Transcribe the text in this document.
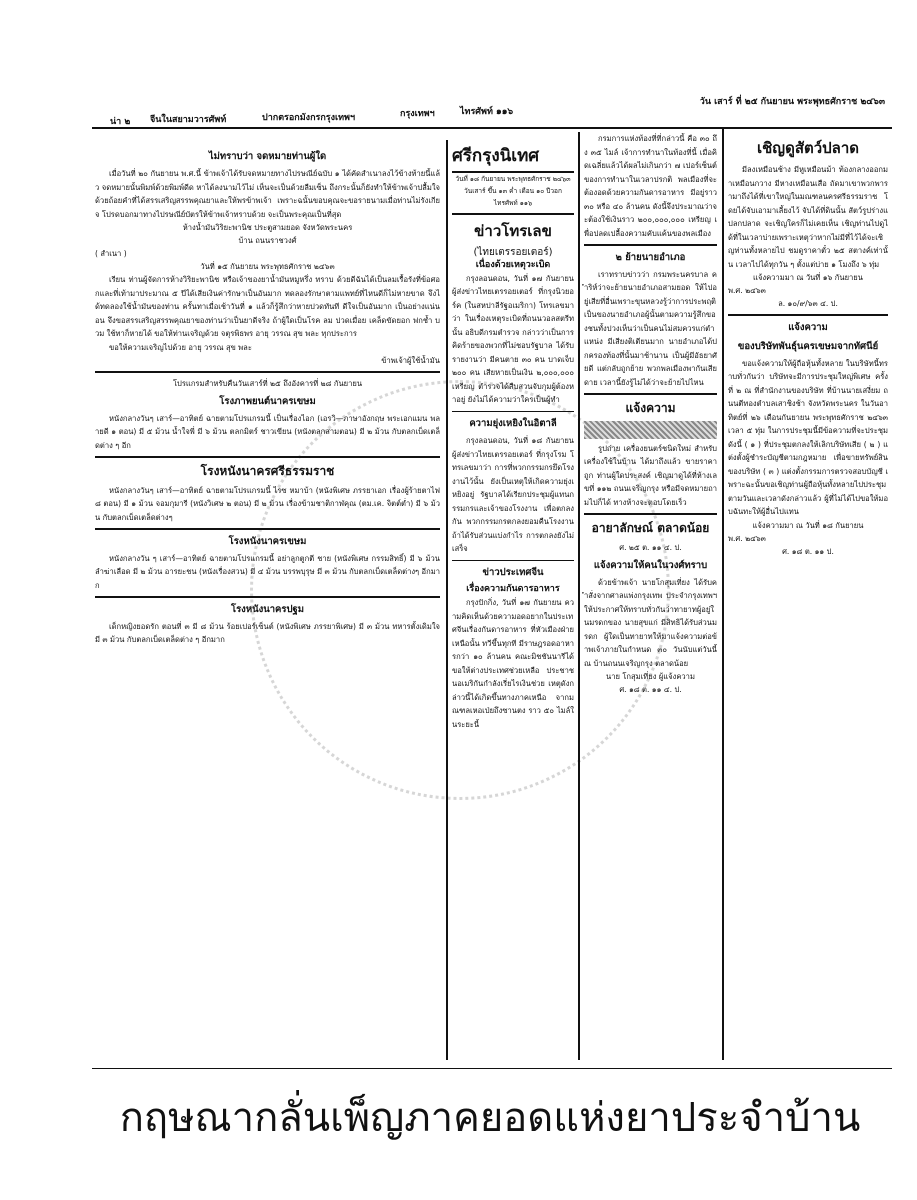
น่า ๒ จีนในสยามวารศัพท์	ปากตรอกมังกรกรุงเทพฯ	กรุงเทพฯ	ไทรศัพท์ ๑๑๖
วัน เสาร์ ที่ ๒๕ กันยายน พระพุทธศักราช ๒๔๖๓
ไม่ทราบว่า จดหมายท่านผู้ใด

เมื่อวันที่ ๒๐ กันยายน พ.ศ.นี้ ข้าพเจ้าได้รับจดหมายทางไปรษณีย์ฉบับ ๑ ได้คัดสำเนาลงไว้ข้างท้ายนี้แล้ว จดหมายนั้นพิมพ์ด้วยพิมพ์ดีด หาได้ลงนามไว้ไม่ เห็นจะเป็นด้วยลืมเซ็น ถึงกระนั้นก็ยังทำให้ข้าพเจ้าปลื้มใจด้วยถ้อยคำที่ได้สรรเสริญสรรพคุณยาและให้พรข้าพเจ้า เพราะฉนั้นขอบคุณจะขอรายนามเมื่อท่านไม่รังเกียจ โปรดบอกมาทางไปรษณีย์บัตรให้ข้าพเจ้าทราบด้วย จะเป็นพระคุณเป็นที่สุด

ห้างน้ำมันวิริยะพานิช ประตูสามยอด จังหวัดพระนคร

บ้าน ถนนราชวงศ์

( สำเนา )

วันที่ ๑๕ กันยายน พระพุทธศักราช ๒๔๖๓

เรียน ท่านผู้จัดการห้างวิริยะพานิช หรือเจ้าของยาน้ำมันหมูหรึ่ง ทราบ ด้วยดีฉันได้เป็นลมเรื้อรังที่ข้อศอกและที่เท้ามาประมาณ ๕ ปีได้เสียเงินค่ารักษาเป็นอันมาก ทดลองรักษาตามแพทย์ที่ไหนดีก็ไม่หายขาด จึงได้ทดลองใช้น้ำมันของท่าน ครั้นทาเมื่อเช้าวันที่ ๑ แล้วก็รู้สึกว่าหายปวดทันที ดีใจเป็นอันมาก เป็นอย่างแน่นอน จึงขอสรรเสริญสรรพคุณยาของท่านว่าเป็นยาดีจริง ถ้าผู้ใดเป็นโรค ลม ปวดเมื่อย เคล็ดขัดยอก ฟกช้ำ บวม ใช้ทาก็หายได้ ขอให้ท่านเจริญด้วย จตุรพิธพร อายุ วรรณ สุข พละ ทุกประการ

ขอให้ความเจริญไปด้วย อายุ วรรณ สุข พละ

ข้าพเจ้าผู้ใช้น้ำมัน

โปรแกรมสำหรับคืนวันเสาร์ที่ ๒๕ ถึงอังคารที่ ๒๘ กันยายน

โรงภาพยนต์นาครเขษม

หนังกลางวันๆ เสาร์—อาทิตย์ ฉายตามโปรแกรมนี้ เป็นเรื่องไอก (เอรวิ—ภาษาอังกฤษ พระเอกแมน พลายดี ๑ ตอน) มี ๕ ม้วน น้ำใจพี่ มี ๖ ม้วน ตลกมิตร์ ชาวเขียน (หนังตลกสามตอน) มี ๒ ม้วน กับตลกเบ็ดเตล็ดต่าง ๆ อีก

โรงหนังนาครศรีธรรมราช

หนังกลางวันๆ เสาร์—อาทิตย์ ฉายตามโปรแกรมนี้ ไรซ หมาบ้า (หนังพิเศษ ภรรยาเอก เรื่องผู้ร้ายตาไฟ ๘ ตอน) มี ๑ ม้วน จอมกุมารี (หนังวิเศษ ๒ ตอน) มี ๒ ม้วน เรื่องข้ามชาติกาฬคุณ (ตม.เค. จิตต์ต่ำ) มี ๖ ม้วน กับตลกเบ็ดเตล็ดต่างๆ

โรงหนังนาครเขษม

หนังกลางวัน ๆ เสาร์—อาทิตย์ ฉายตามโปรแกรมนี้ อย่าลูกตูกตี ชาย (หนังพิเศษ กรรมสิทธิ์) มี ๖ ม้วน ลำฆ่าเลือด มี ๒ ม้วน อารยะชน (หนังเรื่องสวน) มี ๔ ม้วน บรรพบุรุษ มี ๓ ม้วน กับตลกเบ็ดเตล็ดต่างๆ อีกมาก

โรงหนังนาครปฐม

เด็กหญิงยอดรัก ตอนที่ ๓ มี ๘ ม้วน ร้อยเปอร์เซ็นต์ (หนังพิเศษ ภรรยาพิเศษ) มี ๓ ม้วน ทหารตั้งเดิมใจ มี ๓ ม้วน กับตลกเบ็ดเตล็ดต่าง ๆ อีกมาก

ศรีกรุงนิเทศ

วันที่ ๑๘ กันยายน พระพุทธศักราช ๒๔๖๓

วันเสาร์ ขึ้น ๑๓ ค่ำ เดือน ๑๐ ปีวอก

ไทรศัพท์ ๑๑๖

ข่าวโทรเลข

(ไทยเตรรอยเตอร์)

เนื่องด้วยเหตุวะเบิด

กรุงลอนดอน, วันที่ ๑๗ กันยายน ผู้ส่งข่าวไทยเตรรอยเตอร์ ที่กรุงนิวยอร์ค (ในสหปาลีรัฐอเมริกา) โทรเลขมาว่า ในเรื่องเหตุระเบิดที่ถนนวอลสตรีทนั้น อธิบดีกรมตำรวจ กล่าวว่าเป็นการคิดร้ายของพวกที่ไม่ชอบรัฐบาล ได้รับรายงานว่า มีคนตาย ๓๐ คน บาดเจ็บ ๒๐๐ คน เสียหายเป็นเงิน ๒,๐๐๐,๐๐๐ เหรียญ ตำรวจได้สืบสวนจับกุมผู้ต้องหาอยู่ ยังไม่ได้ความว่าใครเป็นผู้ทำ

ความยุ่งเหยิงในอิตาลี

กรุงลอนดอน, วันที่ ๑๘ กันยายน ผู้ส่งข่าวไทยเตรรอยเตอร์ ที่กรุงโรม โทรเลขมาว่า การที่พวกกรรมกรยึดโรงงานไว้นั้น ยังเป็นเหตุให้เกิดความยุ่งเหยิงอยู่ รัฐบาลได้เรียกประชุมผู้แทนกรรมกรและเจ้าของโรงงาน เพื่อตกลงกัน พวกกรรมกรตกลงยอมคืนโรงงาน ถ้าได้รับส่วนแบ่งกำไร การตกลงยังไม่เสร็จ

ข่าวประเทศจีน

เรื่องความกันดารอาหาร

กรุงปักกิ่ง, วันที่ ๑๗ กันยายน ความคิดเห็นด้วยความอดอยากในประเทศจีนเรื่องกันดารอาหาร ที่หัวเมืองฝ่ายเหนือนั้น ทวีขึ้นทุกที มีราษฎรอดอาหารกว่า ๑๐ ล้านคน คณะมิชชันนารีได้ขอให้ต่างประเทศช่วยเหลือ ประชาชนอเมริกันกำลังเรี่ยไรเงินช่วย เหตุดังกล่าวนี้ได้เกิดขึ้นทางภาคเหนือ จากมณฑลเหอเป่ยถึงซานตง ราว ๕๐ ไมล์ในระยะนี้

กรมการแห่งท้องที่ที่กล่าวนี้ คือ ๓๐ ถึง ๓๕ ไมล์ เจ้าการทำนาในท้องที่นี้ เมื่อคิดเฉลี่ยแล้วได้ผลไม่เกินกว่า ๗ เปอร์เซ็นต์ ของการทำนาในเวลาปรกติ พลเมืองที่จะต้องอดด้วยความกันดารอาหาร มีอยู่ราว ๓๐ หรือ ๔๐ ล้านคน ดังนี้จึงประมาณว่าจะต้องใช้เงินราว ๒๐๐,๐๐๐,๐๐๐ เหรียญ เพื่อปลดเปลื้องความคับแค้นของพลเมือง

๒ ย้ายนายอำเภอ

เราทราบข่าวว่า กรมพระนครบาล คำริห์ว่าจะย้ายนายอำเภอสามยอด ให้ไปอยู่เสียที่อื่นเพราะขุนหลวงรู้ว่าการประพฤติเป็นของนายอำเภอผู้นั้นตามความรู้สึกของชนทั้งปวงเห็นว่าเป็นคนไม่สมควรแก่ตำแหน่ง มีเสียงติเตียนมาก นายอำเภอได้ปกครองท้องที่นั้นมาช้านาน เป็นผู้มีอัธยาศัยดี แต่กลับถูกย้าย พวกพลเมืองพากันเสียดาย เวลานี้ยังรู้ไม่ได้ว่าจะย้ายไปไหน

แจ้งความ

รูปถ่าย เครื่องยนตร์ชนิดใหม่ สำหรับเครื่องใช้ในบ้าน ได้มาถึงแล้ว ขายราคาถูก ท่านผู้ใดประสงค์ เชิญมาดูได้ที่ห้างเลขที่ ๑๑๒ ถนนเจริญกรุง หรือมีจดหมายถามไปก็ได้ ทางห้างจะตอบโดยเร็ว

อายาลักษณ์ ตลาดน้อย

ศ. ๒๕ ต. ๑๑ ๔. ป.

แจ้งความให้คนในวงศ์ทราบ

ด้วยข้าพเจ้า นายโกสุมเที่ยง ได้รับคำสั่งจากศาลแพ่งกรุงเทพ ประจำกรุงเทพฯ ให้ประกาศให้ทราบทั่วกันว่าทายาทผู้อยู่ในมรดกของ นายสุขแก่ มีสิทธิได้รับส่วนมรดก ผู้ใดเป็นทายาทให้มาแจ้งความต่อข้าพเจ้าภายในกำหนด ๓๐ วันนับแต่วันนี้ ณ บ้านถนนเจริญกรุง ตลาดน้อย

นาย โกสุมเที่ยง ผู้แจ้งความ

ศ. ๑๘ ต. ๑๑ ๔. ป.

เชิญดูสัตว์ปลาด

มีลงเหมือนช้าง มีหูเหมือนม้า ท้องกลางออกมาเหมือนกวาง มีหางเหมือนเสือ ถัดมาเขาพวกพารามาถึงได้ที่เขาใหญ่ในมณฑลนครศรีธรรมราช โดยได้จับเอามาเลี้ยงไว้ จับได้ที่ดินนั้น สัตว์รูปร่างแปลกปลาด จะเชิญใครก็ไม่เคยเห็น เชิญท่านไปดูได้ที่ในเวลาบ่ายเพราะเหตุว่าหากไม่มีที่ไว้ได้จะเชิญท่านทั้งหลายไป ชมดูราคาตั๋ว ๒๕ สตางค์เท่านั้น เวลาไปได้ทุกวัน ๆ ตั้งแต่บ่าย ๑ โมงถึง ๖ ทุ่ม

แจ้งความมา ณ วันที่ ๑๖ กันยายน

พ.ศ. ๒๔๖๓

ล. ๑๐/๙/๖๓ ๔. ป.

แจ้งความ
ของบริษัทพันธุ์นครเขษมจากทัศนีย์

ขอแจ้งความให้ผู้ถือหุ้นทั้งหลาย ในบริษัทนี้ทราบทั่วกันว่า บริษัทจะมีการประชุมใหญ่พิเศษ ครั้งที่ ๒ ณ ที่สำนักงานของบริษัท ที่บ้านนายเสงี่ยม ถนนตีทองตำบลเสาชิงช้า จังหวัดพระนคร ในวันอาทิตย์ที่ ๒๖ เดือนกันยายน พระพุทธศักราช ๒๔๖๓ เวลา ๕ ทุ่ม ในการประชุมนี้มีข้อความที่จะประชุมดังนี้ ( ๑ ) ที่ประชุมตกลงให้เลิกบริษัทเสีย ( ๒ ) แต่งตั้งผู้ชำระบัญชีตามกฎหมาย เพื่อขายทรัพย์สินของบริษัท ( ๓ ) แต่งตั้งกรรมการตรวจสอบบัญชี เพราะฉะนั้นขอเชิญท่านผู้ถือหุ้นทั้งหลายไปประชุมตามวันและเวลาดังกล่าวแล้ว ผู้ที่ไม่ได้ไปขอให้มอบฉันทะให้ผู้อื่นไปแทน

แจ้งความมา ณ วันที่ ๑๘ กันยายน

พ.ศ. ๒๔๖๓

ศ. ๑๘ ต. ๑๑ ป.

กฤษณากลั่นเพ็ญภาคยอดแห่งยาประจำบ้าน
